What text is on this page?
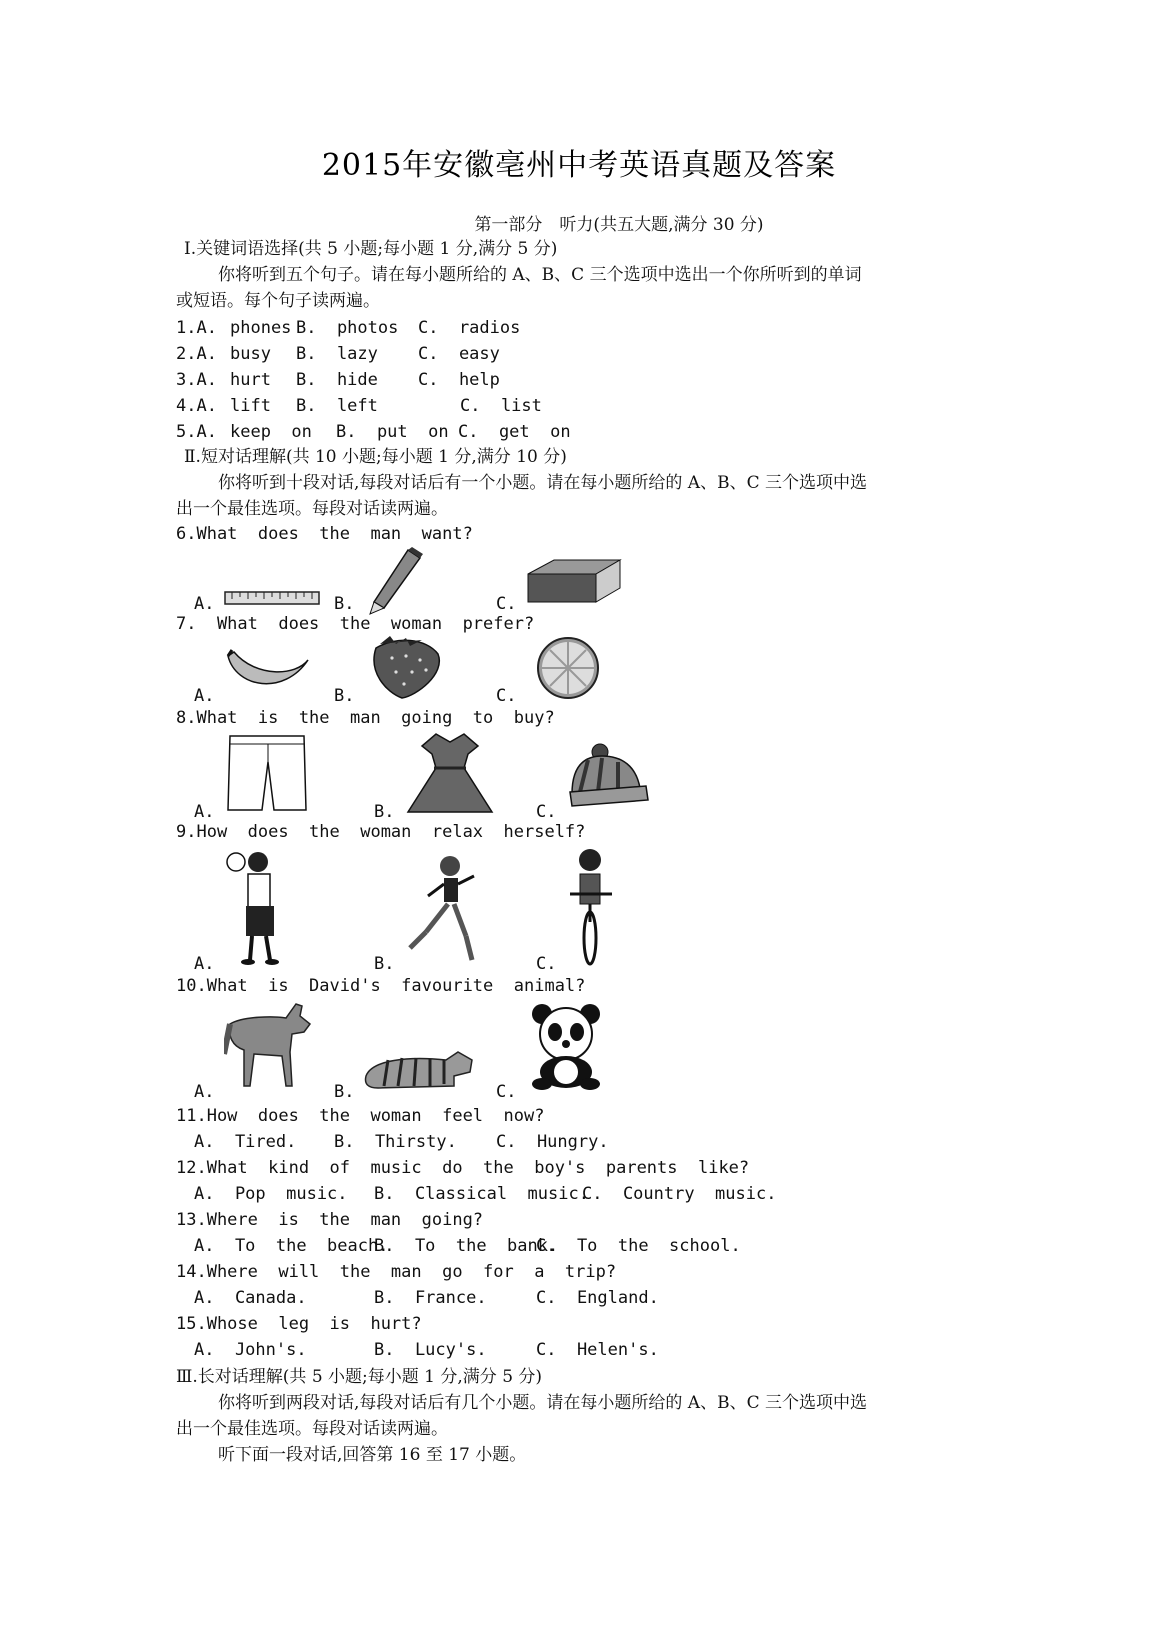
2015年安徽亳州中考英语真题及答案
第一部分　听力(共五大题,满分 30 分)
Ⅰ.关键词语选择(共 5 小题;每小题 1 分,满分 5 分)
你将听到五个句子。请在每小题所给的 A、B、C 三个选项中选出一个你所听到的单词
或短语。每个句子读两遍。
1.A. phones B.  photos C.  radios
2.A. busy B.  lazy C.  easy
3.A. hurt B.  hide C.  help
4.A. lift B.  left	C.  list
5.A. keep  on B.  put  on C.  get  on
Ⅱ.短对话理解(共 10 小题;每小题 1 分,满分 10 分)
你将听到十段对话,每段对话后有一个小题。请在每小题所给的 A、B、C 三个选项中选
出一个最佳选项。每段对话读两遍。
6.What  does  the  man  want?
A.	B.	C.
7.  What  does  the  woman  prefer?
A.	B.	C.
8.What  is  the  man  going  to  buy?
A.	B.	C.
9.How  does  the  woman  relax  herself?
A.	B.	C.
10.What  is  David's  favourite  animal?
A.	B.	C.
11.How  does  the  woman  feel  now?
A.  Tired. B.  Thirsty. C.  Hungry.
12.What  kind  of  music  do  the  boy's  parents  like?
A.  Pop  music. B.  Classical  music.
C.  Country  music.
13.Where  is  the  man  going?
A.  To  the  beach.
B.  To  the  bank.
C.  To  the  school.
14.Where  will  the  man  go  for  a  trip?
A.  Canada.	B.  France.	C.  England.
15.Whose  leg  is  hurt?
A.  John's.	B.  Lucy's.	C.  Helen's.
Ⅲ.长对话理解(共 5 小题;每小题 1 分,满分 5 分)
你将听到两段对话,每段对话后有几个小题。请在每小题所给的 A、B、C 三个选项中选
出一个最佳选项。每段对话读两遍。
听下面一段对话,回答第 16 至 17 小题。
